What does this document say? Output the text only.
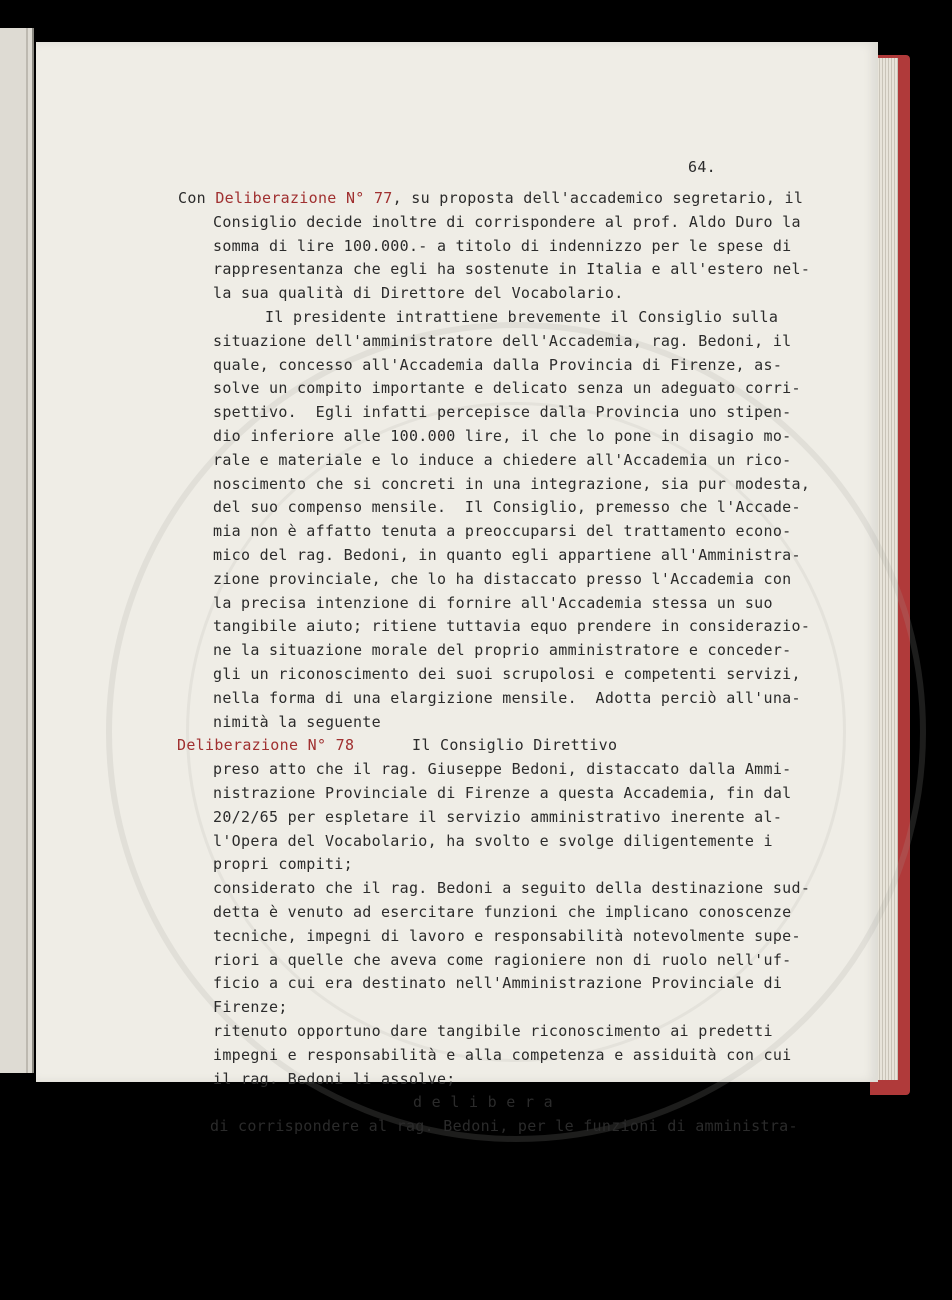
64.
Con Deliberazione N° 77, su proposta dell'accademico segretario, il
Consiglio decide inoltre di corrispondere al prof. Aldo Duro la
somma di lire 100.000.- a titolo di indennizzo per le spese di
rappresentanza che egli ha sostenute in Italia e all'estero nel-
la sua qualità di Direttore del Vocabolario.
Il presidente intrattiene brevemente il Consiglio sulla
situazione dell'amministratore dell'Accademia, rag. Bedoni, il
quale, concesso all'Accademia dalla Provincia di Firenze, as-
solve un compito importante e delicato senza un adeguato corri-
spettivo.  Egli infatti percepisce dalla Provincia uno stipen-
dio inferiore alle 100.000 lire, il che lo pone in disagio mo-
rale e materiale e lo induce a chiedere all'Accademia un rico-
noscimento che si concreti in una integrazione, sia pur modesta,
del suo compenso mensile.  Il Consiglio, premesso che l'Accade-
mia non è affatto tenuta a preoccuparsi del trattamento econo-
mico del rag. Bedoni, in quanto egli appartiene all'Amministra-
zione provinciale, che lo ha distaccato presso l'Accademia con
la precisa intenzione di fornire all'Accademia stessa un suo
tangibile aiuto; ritiene tuttavia equo prendere in considerazio-
ne la situazione morale del proprio amministratore e conceder-
gli un riconoscimento dei suoi scrupolosi e competenti servizi,
nella forma di una elargizione mensile.  Adotta perciò all'una-
nimità la seguente
Deliberazione N° 78	Il Consiglio Direttivo
preso atto che il rag. Giuseppe Bedoni, distaccato dalla Ammi-
nistrazione Provinciale di Firenze a questa Accademia, fin dal
20/2/65 per espletare il servizio amministrativo inerente al-
l'Opera del Vocabolario, ha svolto e svolge diligentemente i
propri compiti;
considerato che il rag. Bedoni a seguito della destinazione sud-
detta è venuto ad esercitare funzioni che implicano conoscenze
tecniche, impegni di lavoro e responsabilità notevolmente supe-
riori a quelle che aveva come ragioniere non di ruolo nell'uf-
ficio a cui era destinato nell'Amministrazione Provinciale di
Firenze;
ritenuto opportuno dare tangibile riconoscimento ai predetti
impegni e responsabilità e alla competenza e assiduità con cui
il rag. Bedoni li assolve;
d e l i b e r a
di corrispondere al rag. Bedoni, per le funzioni di amministra-
